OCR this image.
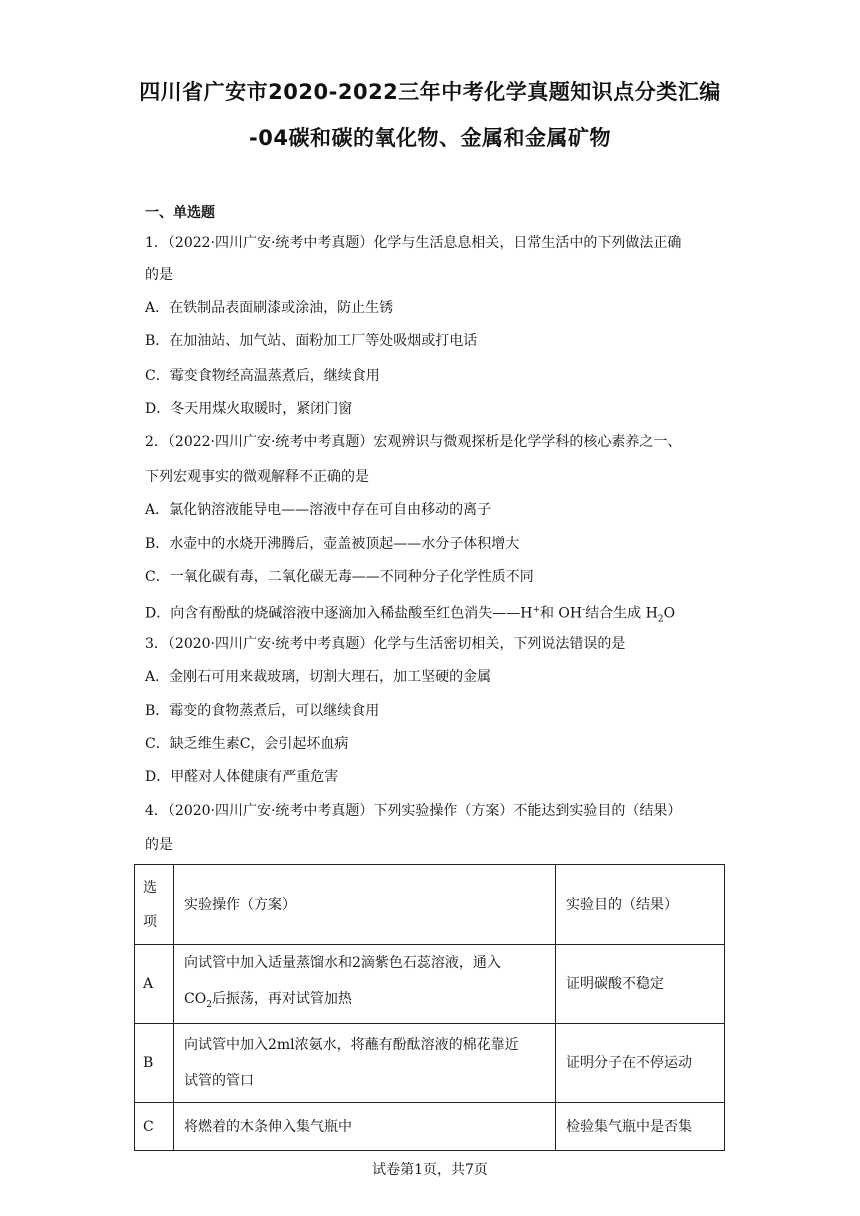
四川省广安市2020-2022三年中考化学真题知识点分类汇编
-04碳和碳的氧化物、金属和金属矿物
一、单选题
1．（2022·四川广安·统考中考真题）化学与生活息息相关，日常生活中的下列做法正确
的是
A．在铁制品表面刷漆或涂油，防止生锈
B．在加油站、加气站、面粉加工厂等处吸烟或打电话
C．霉变食物经高温蒸煮后，继续食用
D．冬天用煤火取暖时，紧闭门窗
2．（2022·四川广安·统考中考真题）宏观辨识与微观探析是化学学科的核心素养之一、
下列宏观事实的微观解释不正确的是
A．氯化钠溶液能导电——溶液中存在可自由移动的离子
B．水壶中的水烧开沸腾后，壶盖被顶起——水分子体积增大
C．一氧化碳有毒，二氧化碳无毒——不同种分子化学性质不同
D．向含有酚酞的烧碱溶液中逐滴加入稀盐酸至红色消失——H+和 OH-结合生成 $H_2O$
3．（2020·四川广安·统考中考真题）化学与生活密切相关，下列说法错误的是
A．金刚石可用来裁玻璃，切割大理石，加工坚硬的金属
B．霉变的食物蒸煮后，可以继续食用
C．缺乏维生素C，会引起坏血病
D．甲醛对人体健康有严重危害
4．（2020·四川广安·统考中考真题）下列实验操作（方案）不能达到实验目的（结果）
的是
选
项	实验操作（方案）	实验目的（结果）
A	向试管中加入适量蒸馏水和2滴紫色石蕊溶液，通入
$CO_2$后振荡，再对试管加热	证明碳酸不稳定
B	向试管中加入2ml浓氨水，将蘸有酚酞溶液的棉花靠近
试管的管口	证明分子在不停运动
C	将燃着的木条伸入集气瓶中	检验集气瓶中是否集
试卷第1页，共7页
